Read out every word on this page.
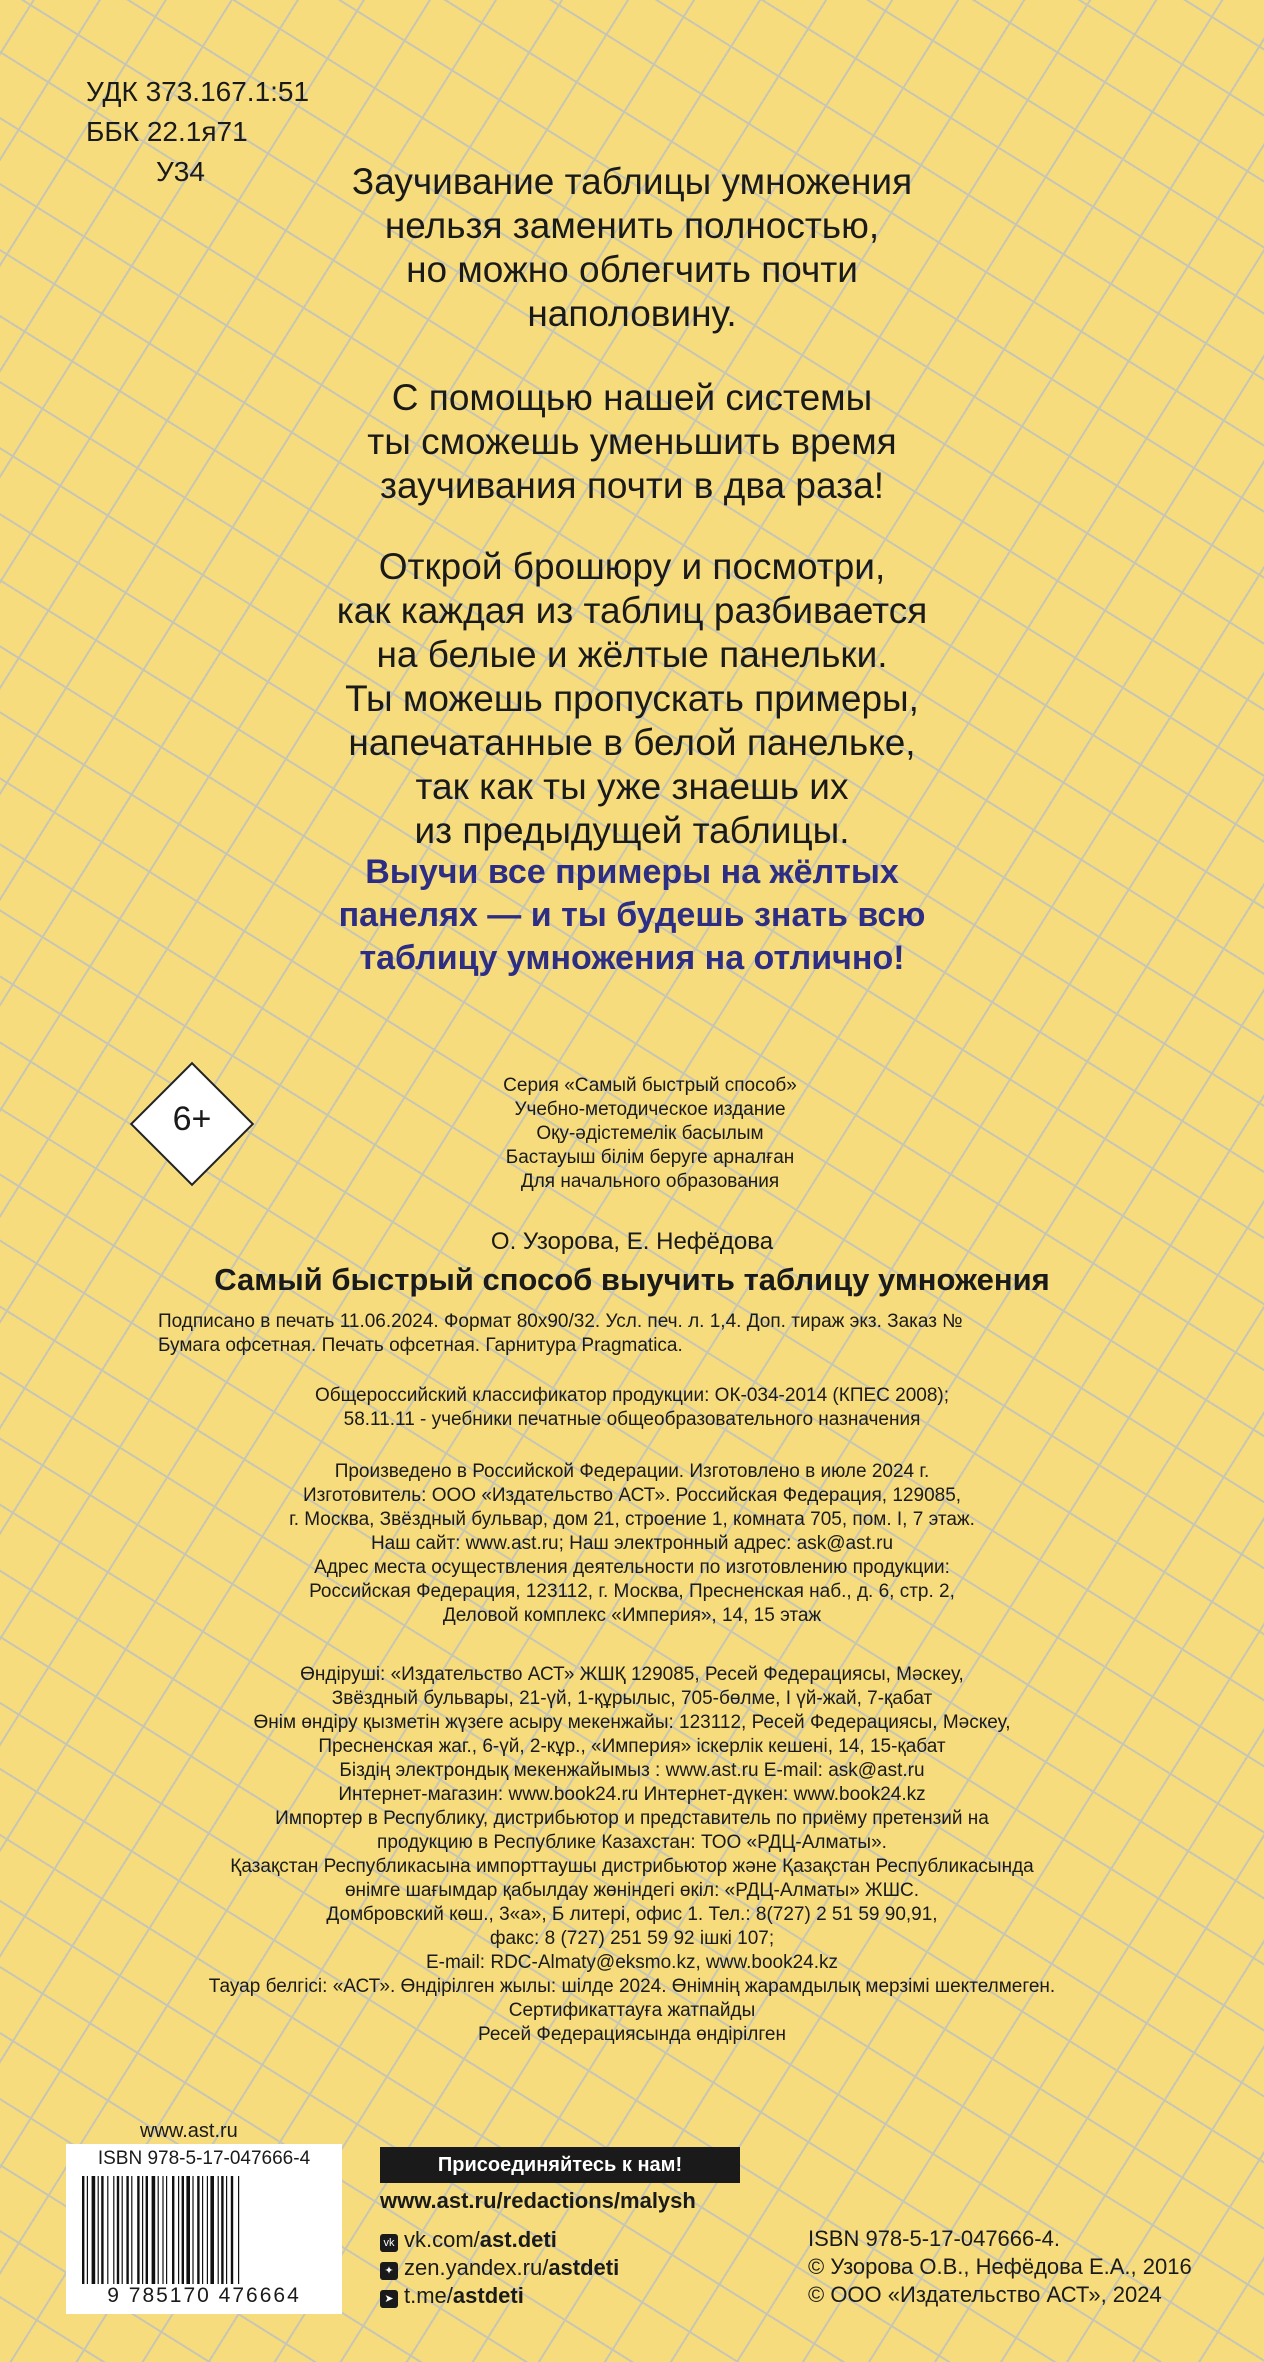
УДК 373.167.1:51
ББК 22.1я71
У34	Заучивание таблицы умножения
нельзя заменить полностью,
но можно облегчить почти
наполовину.
С помощью нашей системы
ты сможешь уменьшить время
заучивания почти в два раза!
Открой брошюру и посмотри,
как каждая из таблиц разбивается
на белые и жёлтые панельки.
Ты можешь пропускать примеры,
напечатанные в белой панельке,
так как ты уже знаешь их
из предыдущей таблицы.
Выучи все примеры на жёлтых
панелях — и ты будешь знать всю
таблицу умножения на отлично!
6+
Серия «Самый быстрый способ»
Учебно-методическое издание
Оқу-әдістемелік басылым
Бастауыш білім беруге арналған
Для начального образования
О. Узорова, Е. Нефёдова
Самый быстрый способ выучить таблицу умножения
Подписано в печать 11.06.2024. Формат 80х90/32. Усл. печ. л. 1,4. Доп. тираж экз. Заказ №
Бумага офсетная. Печать офсетная. Гарнитура Pragmatica.
Общероссийский классификатор продукции: ОК-034-2014 (КПЕС 2008);
58.11.11 - учебники печатные общеобразовательного назначения
Произведено в Российской Федерации. Изготовлено в июле 2024 г.
Изготовитель: ООО «Издательство АСТ». Российская Федерация, 129085,
г. Москва, Звёздный бульвар, дом 21, строение 1, комната 705, пом. I, 7 этаж.
Наш сайт: www.ast.ru; Наш электронный адрес: ask@ast.ru
Адрес места осуществления деятельности по изготовлению продукции:
Российская Федерация, 123112, г. Москва, Пресненская наб., д. 6, стр. 2,
Деловой комплекс «Империя», 14, 15 этаж
Өндіруші: «Издательство АСТ» ЖШҚ 129085, Ресей Федерациясы, Мәскеу,
Звёздный бульвары, 21-үй, 1-құрылыс, 705-бөлме, I үй-жай, 7-қабат
Өнім өндіру қызметін жүзеге асыру мекенжайы: 123112, Ресей Федерациясы, Мәскеу,
Пресненская жаг., 6-үй, 2-кұр., «Империя» іскерлік кешені, 14, 15-қабат
Біздің электрондық мекенжайымыз : www.ast.ru E-mail: ask@ast.ru
Интернет-магазин: www.book24.ru Интернет-дүкен: www.book24.kz
Импортер в Республику, дистрибьютор и представитель по приёму претензий на
продукцию в Республике Казахстан: ТОО «РДЦ-Алматы».
Қазақстан Республикасына импорттаушы дистрибьютор және Қазақстан Республикасында
өнімге шағымдар қабылдау жөніндегі өкіл: «РДЦ-Алматы» ЖШС.
Домбровский көш., 3«а», Б литері, офис 1. Тел.: 8(727) 2 51 59 90,91,
факс: 8 (727) 251 59 92 ішкі 107;
E-mail: RDC-Almaty@eksmo.kz, www.book24.kz
Тауар белгісі: «АСТ». Өндірілген жылы: шілде 2024. Өнімнің жарамдылық мерзімі шектелмеген.
Сертификаттауға жатпайды
Ресей Федерациясында өндірілген
www.ast.ru
ISBN 978-5-17-047666-4
9 785170 476664
Присоединяйтесь к нам!
www.ast.ru/redactions/malysh
vk vk.com/ast.deti
✦ zen.yandex.ru/astdeti
➤ t.me/astdeti
ISBN 978-5-17-047666-4.
© Узорова О.В., Нефёдова Е.А., 2016
© ООО «Издательство АСТ», 2024
